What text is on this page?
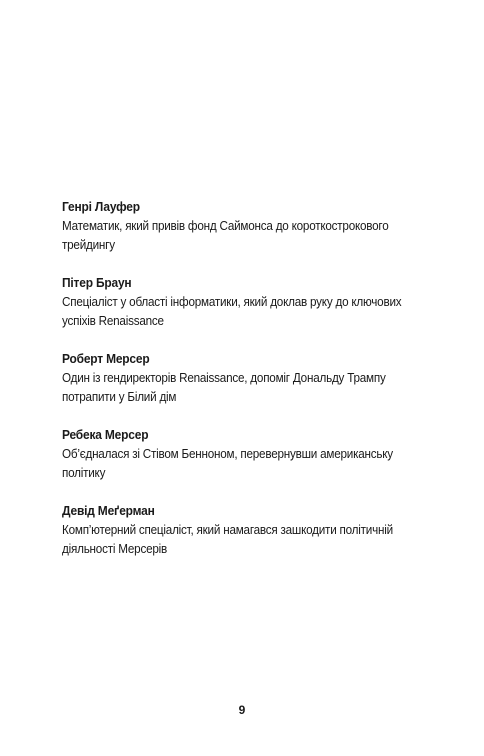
Генрі Лауфер
Математик, який привів фонд Саймонса до короткострокового трейдингу
Пітер Браун
Спеціаліст у області інформатики, який доклав руку до ключових успіхів Renaissance
Роберт Мерсер
Один із гендиректорів Renaissance, допоміг Дональду Трампу потрапити у Білий дім
Ребека Мерсер
Об’єдналася зі Стівом Бенноном, перевернувши американську політику
Девід Меґерман
Комп’ютерний спеціаліст, який намагався зашкодити політичній діяльності Мерсерів
9
